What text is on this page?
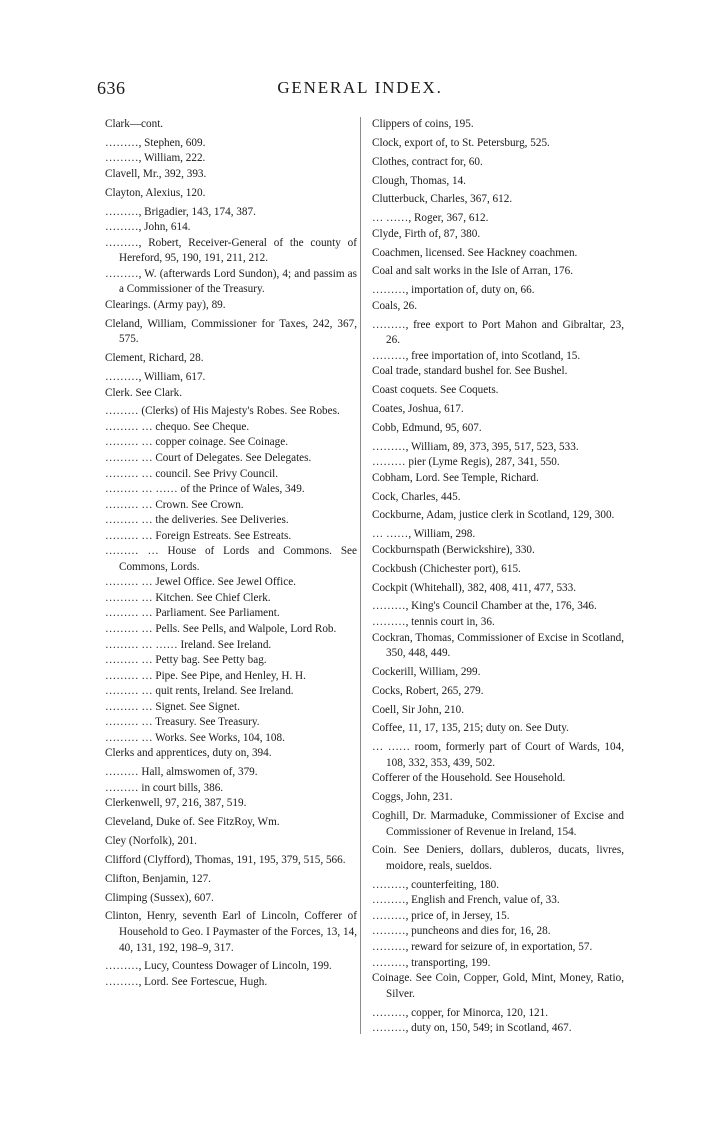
636	GENERAL INDEX.

Clark—cont.

………, Stephen, 609.

………, William, 222.

Clavell, Mr., 392, 393.

Clayton, Alexius, 120.

………, Brigadier, 143, 174, 387.

………, John, 614.

………, Robert, Receiver-General of the county of Hereford, 95, 190, 191, 211, 212.

………, W. (afterwards Lord Sundon), 4; and passim as a Commissioner of the Treasury.

Clearings. (Army pay), 89.

Cleland, William, Commissioner for Taxes, 242, 367, 575.

Clement, Richard, 28.

………, William, 617.

Clerk. See Clark.

……… (Clerks) of His Majesty's Robes. See Robes.

……… … chequo. See Cheque.

……… … copper coinage. See Coinage.

……… … Court of Delegates. See Delegates.

……… … council. See Privy Council.

……… … …… of the Prince of Wales, 349.

……… … Crown. See Crown.

……… … the deliveries. See Deliveries.

……… … Foreign Estreats. See Estreats.

……… … House of Lords and Commons. See Commons, Lords.

……… … Jewel Office. See Jewel Office.

……… … Kitchen. See Chief Clerk.

……… … Parliament. See Parliament.

……… … Pells. See Pells, and Walpole, Lord Rob.

……… … …… Ireland. See Ireland.

……… … Petty bag. See Petty bag.

……… … Pipe. See Pipe, and Henley, H. H.

……… … quit rents, Ireland. See Ireland.

……… … Signet. See Signet.

……… … Treasury. See Treasury.

……… … Works. See Works, 104, 108.

Clerks and apprentices, duty on, 394.

……… Hall, almswomen of, 379.

……… in court bills, 386.

Clerkenwell, 97, 216, 387, 519.

Cleveland, Duke of. See FitzRoy, Wm.

Cley (Norfolk), 201.

Clifford (Clyfford), Thomas, 191, 195, 379, 515, 566.

Clifton, Benjamin, 127.

Climping (Sussex), 607.

Clinton, Henry, seventh Earl of Lincoln, Cofferer of Household to Geo. I Paymaster of the Forces, 13, 14, 40, 131, 192, 198–9, 317.

………, Lucy, Countess Dowager of Lincoln, 199.

………, Lord. See Fortescue, Hugh.

Clippers of coins, 195.

Clock, export of, to St. Petersburg, 525.

Clothes, contract for, 60.

Clough, Thomas, 14.

Clutterbuck, Charles, 367, 612.

… ……, Roger, 367, 612.

Clyde, Firth of, 87, 380.

Coachmen, licensed. See Hackney coachmen.

Coal and salt works in the Isle of Arran, 176.

………, importation of, duty on, 66.

Coals, 26.

………, free export to Port Mahon and Gibraltar, 23, 26.

………, free importation of, into Scotland, 15.

Coal trade, standard bushel for. See Bushel.

Coast coquets. See Coquets.

Coates, Joshua, 617.

Cobb, Edmund, 95, 607.

………, William, 89, 373, 395, 517, 523, 533.

……… pier (Lyme Regis), 287, 341, 550.

Cobham, Lord. See Temple, Richard.

Cock, Charles, 445.

Cockburne, Adam, justice clerk in Scotland, 129, 300.

… ……, William, 298.

Cockburnspath (Berwickshire), 330.

Cockbush (Chichester port), 615.

Cockpit (Whitehall), 382, 408, 411, 477, 533.

………, King's Council Chamber at the, 176, 346.

………, tennis court in, 36.

Cockran, Thomas, Commissioner of Excise in Scotland, 350, 448, 449.

Cockerill, William, 299.

Cocks, Robert, 265, 279.

Coell, Sir John, 210.

Coffee, 11, 17, 135, 215; duty on. See Duty.

… …… room, formerly part of Court of Wards, 104, 108, 332, 353, 439, 502.

Cofferer of the Household. See Household.

Coggs, John, 231.

Coghill, Dr. Marmaduke, Commissioner of Excise and Commissioner of Revenue in Ireland, 154.

Coin. See Deniers, dollars, dubleros, ducats, livres, moidore, reals, sueldos.

………, counterfeiting, 180.

………, English and French, value of, 33.

………, price of, in Jersey, 15.

………, puncheons and dies for, 16, 28.

………, reward for seizure of, in exportation, 57.

………, transporting, 199.

Coinage. See Coin, Copper, Gold, Mint, Money, Ratio, Silver.

………, copper, for Minorca, 120, 121.

………, duty on, 150, 549; in Scotland, 467.
